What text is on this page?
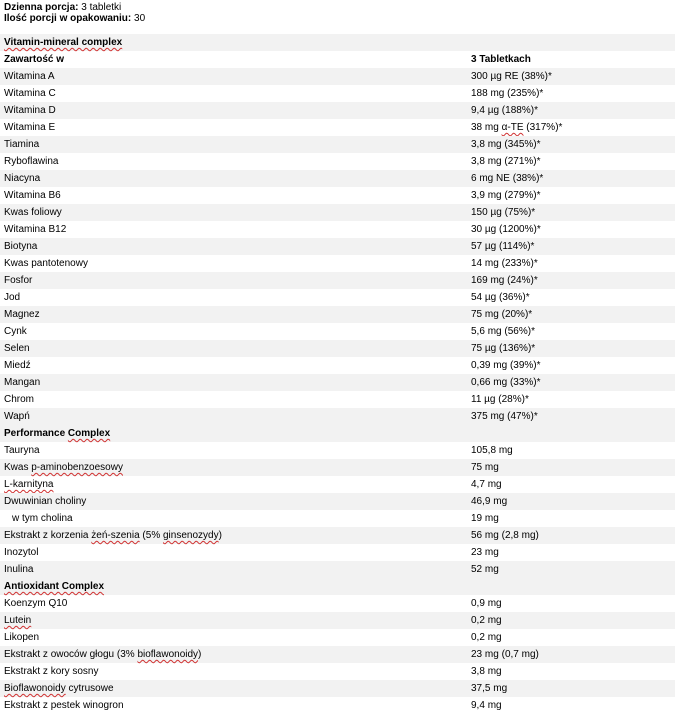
Dzienna porcja: 3 tabletki
Ilość porcji w opakowaniu: 30
Vitamin-mineral complex
Zawartość w	3 Tabletkach
Witamina A	300 µg RE (38%)*
Witamina C	188 mg (235%)*
Witamina D	9,4 µg (188%)*
Witamina E	38 mg α-TE (317%)*
Tiamina	3,8 mg (345%)*
Ryboflawina	3,8 mg (271%)*
Niacyna	6 mg NE (38%)*
Witamina B6	3,9 mg (279%)*
Kwas foliowy	150 µg (75%)*
Witamina B12	30 µg (1200%)*
Biotyna	57 µg (114%)*
Kwas pantotenowy	14 mg (233%)*
Fosfor	169 mg (24%)*
Jod	54 µg (36%)*
Magnez	75 mg (20%)*
Cynk	5,6 mg (56%)*
Selen	75 µg (136%)*
Miedź	0,39 mg (39%)*
Mangan	0,66 mg (33%)*
Chrom	11 µg (28%)*
Wapń	375 mg (47%)*
Performance Complex
Tauryna	105,8 mg
Kwas p-aminobenzoesowy	75 mg
L-karnityna	4,7 mg
Dwuwinian choliny	46,9 mg
w tym cholina	19 mg
Ekstrakt z korzenia żeń-szenia (5% ginsenozydy)	56 mg (2,8 mg)
Inozytol	23 mg
Inulina	52 mg
Antioxidant Complex
Koenzym Q10	0,9 mg
Lutein	0,2 mg
Likopen	0,2 mg
Ekstrakt z owoców głogu (3% bioflawonoidy)	23 mg (0,7 mg)
Ekstrakt z kory sosny	3,8 mg
Bioflawonoidy cytrusowe	37,5 mg
Ekstrakt z pestek winogron	9,4 mg
